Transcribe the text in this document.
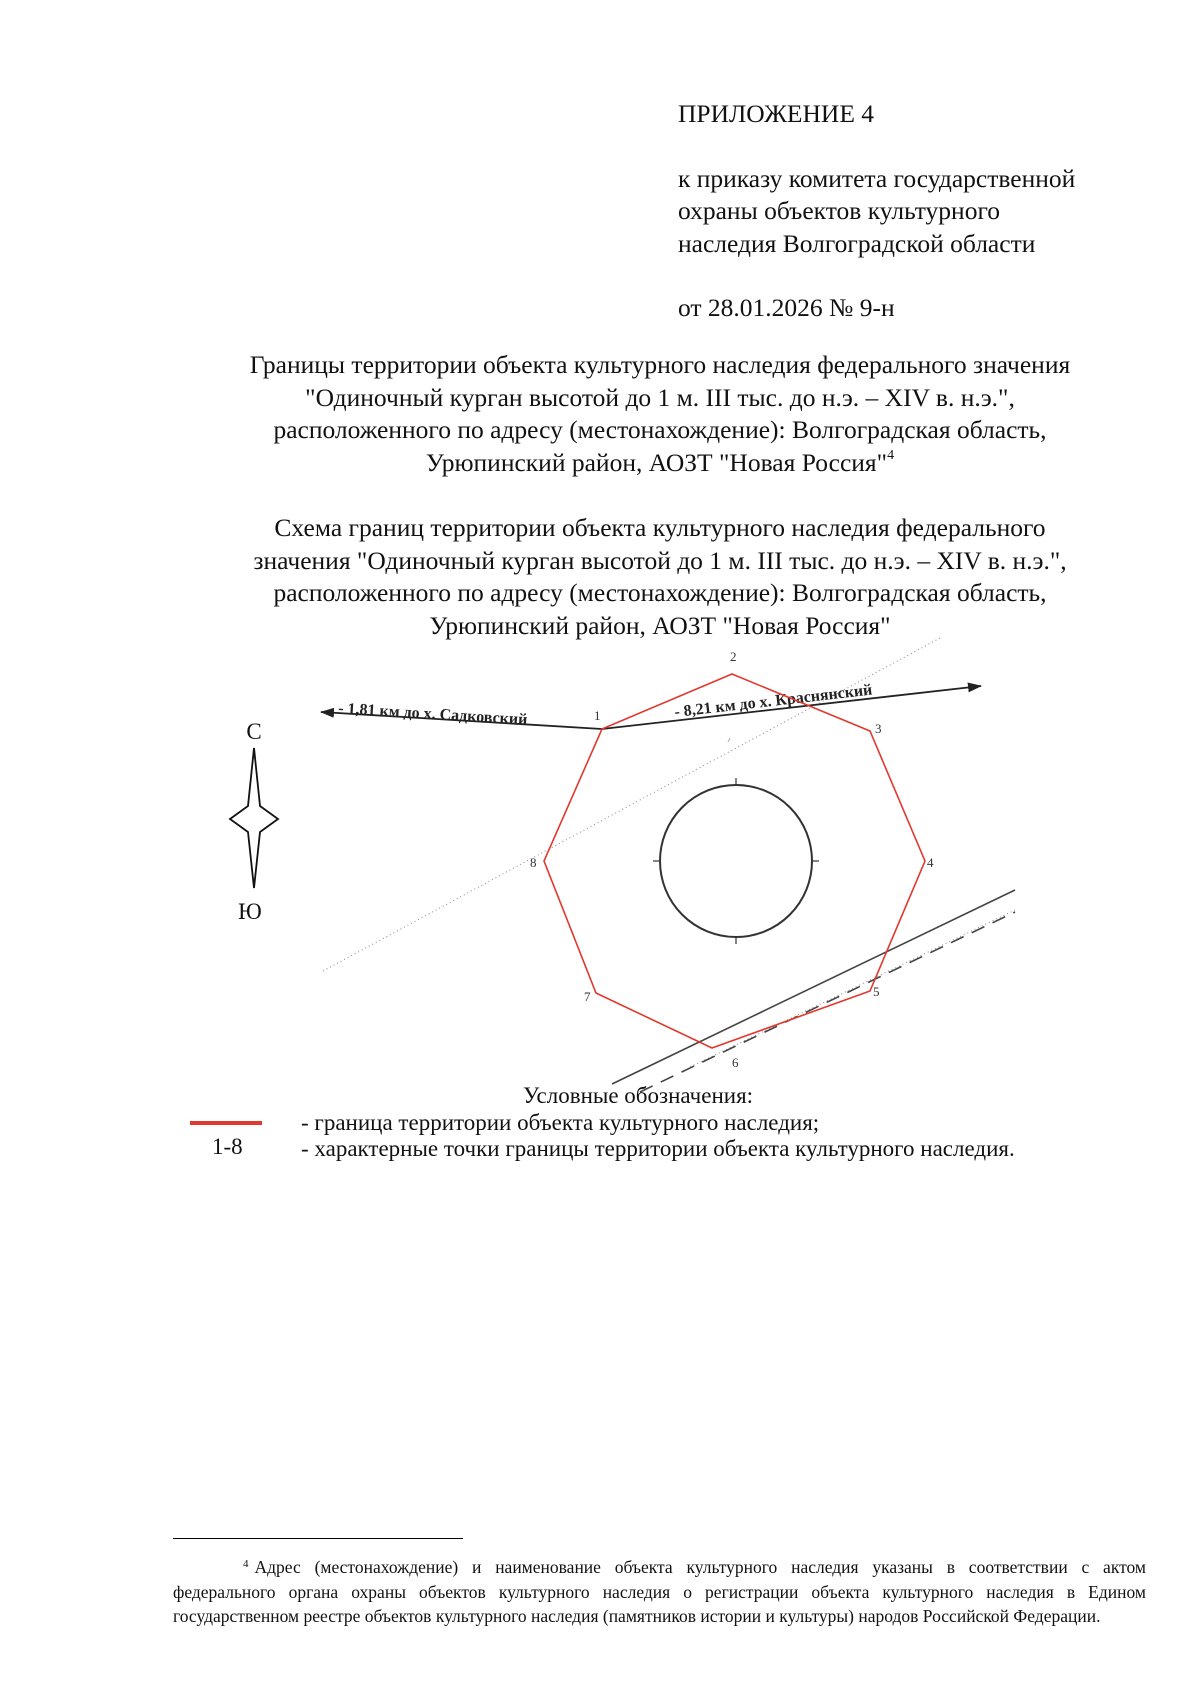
ПРИЛОЖЕНИЕ 4
к приказу комитета государственной
охраны объектов культурного
наследия Волгоградской области
от 28.01.2026 № 9-н
Границы территории объекта культурного наследия федерального значения
"Одиночный курган высотой до 1 м. III тыс. до н.э. – XIV в. н.э.",
расположенного по адресу (местонахождение): Волгоградская область,
Урюпинский район, АОЗТ "Новая Россия"$^4$
Схема границ территории объекта культурного наследия федерального
значения "Одиночный курган высотой до 1 м. III тыс. до н.э. – XIV в. н.э.",
расположенного по адресу (местонахождение): Волгоградская область,
Урюпинский район, АОЗТ "Новая Россия"
- 1,81 км до х. Садковский	- 8,21 км до х. Краснянский
1
2
3
4
5
6
7
8
С
Ю
Условные обозначения:
- граница территории объекта культурного наследия;
1-8	- характерные точки границы территории объекта культурного наследия.
$^4$ Адрес (местонахождение) и наименование объекта культурного наследия указаны в соответствии с актом федерального органа охраны объектов культурного наследия о регистрации объекта культурного наследия в Едином государственном реестре объектов культурного наследия (памятников истории и культуры) народов Российской Федерации.
